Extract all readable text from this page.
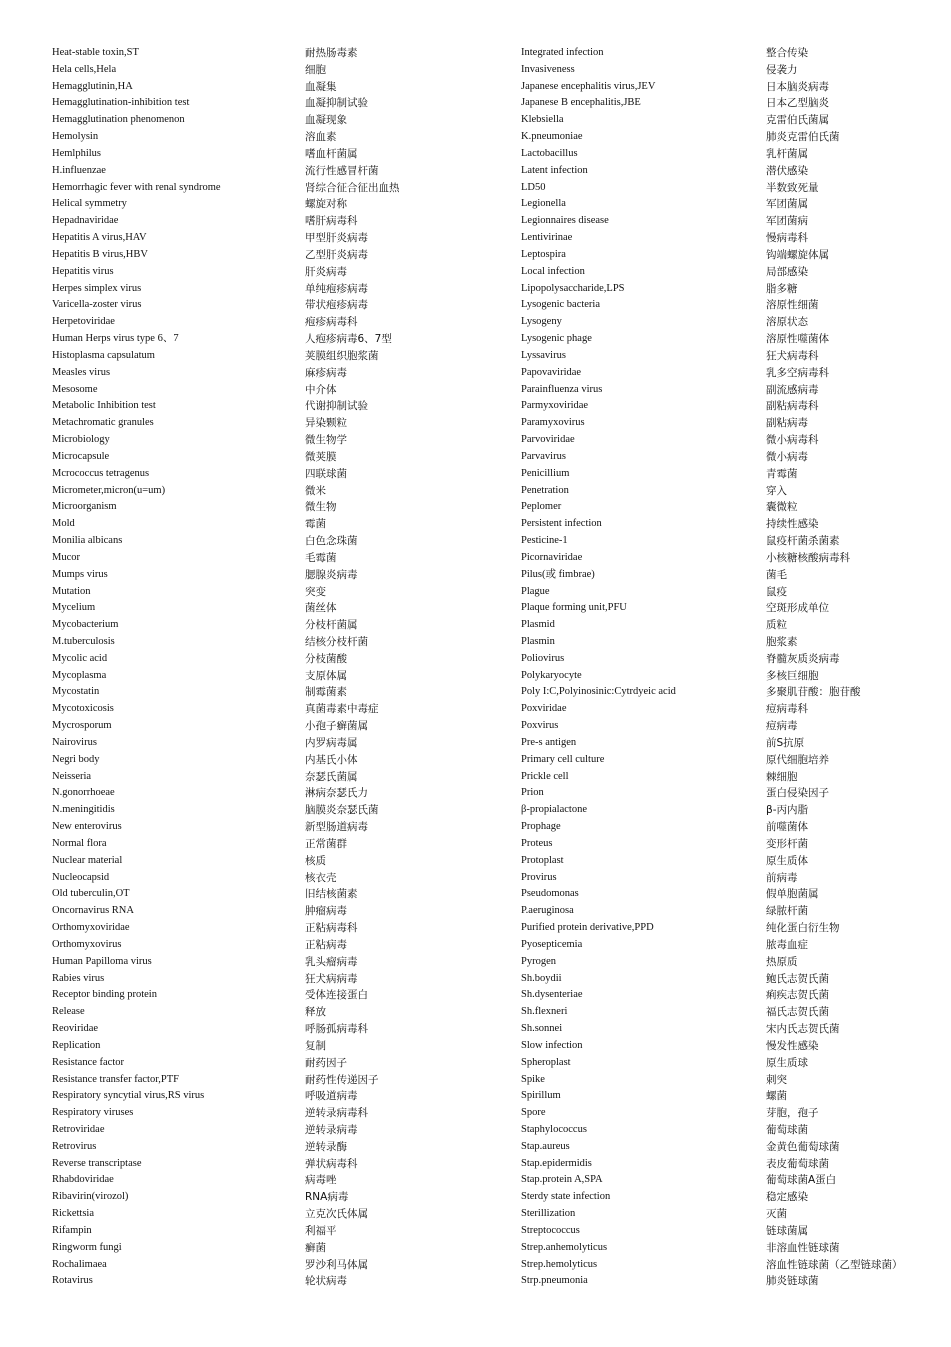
Heat-stable toxin,ST	耐热肠毒素
Hela cells,Hela	细胞
Hemagglutinin,HA	血凝集
Hemagglutination-inhibition test	血凝抑制试验
Hemagglutination phenomenon	血凝现象
Hemolysin	溶血素
Hemlphilus	嗜血杆菌属
H.influenzae	流行性感冒杆菌
Hemorrhagic fever with renal syndrome	肾综合征合征出血热
Helical symmetry	螺旋对称
Hepadnaviridae	嗜肝病毒科
Hepatitis A virus,HAV	甲型肝炎病毒
Hepatitis B virus,HBV	乙型肝炎病毒
Hepatitis virus	肝炎病毒
Herpes simplex virus	单纯疱疹病毒
Varicella-zoster virus	带状疱疹病毒
Herpetoviridae	疱疹病毒科
Human Herps virus type 6、7	人疱疹病毒6、7型
Histoplasma capsulatum	荚膜组织胞浆菌
Measles virus	麻疹病毒
Mesosome	中介体
Metabolic Inhibition test	代谢抑制试验
Metachromatic granules	异染颗粒
Microbiology	微生物学
Microcapsule	微荚膜
Mcrococcus tetragenus	四联球菌
Micrometer,micron(u=um)	微米
Microorganism	微生物
Mold	霉菌
Monilia albicans	白色念珠菌
Mucor	毛霉菌
Mumps virus	腮腺炎病毒
Mutation	突变
Mycelium	菌丝体
Mycobacterium	分枝杆菌属
M.tuberculosis	结核分枝杆菌
Mycolic acid	分枝菌酸
Mycoplasma	支原体属
Mycostatin	制霉菌素
Mycotoxicosis	真菌毒素中毒症
Mycrosporum	小孢子癣菌属
Nairovirus	内罗病毒属
Negri body	内基氏小体
Neisseria	奈瑟氏菌属
N.gonorrhoeae	淋病奈瑟氏力
N.meningitidis	脑膜炎奈瑟氏菌
New enterovirus	新型肠道病毒
Normal flora	正常菌群
Nuclear material	核质
Nucleocapsid	核衣壳
Old tuberculin,OT	旧结核菌素
Oncornavirus RNA	肿瘤病毒
Orthomyxoviridae	正粘病毒科
Orthomyxovirus	正粘病毒
Human Papilloma virus	乳头瘤病毒
Rabies virus	狂犬病病毒
Receptor binding protein	受体连接蛋白
Release	释放
Reoviridae	呼肠孤病毒科
Replication	复制
Resistance factor	耐药因子
Resistance transfer factor,PTF	耐药性传递因子
Respiratory syncytial virus,RS virus	呼吸道病毒
Respiratory viruses	逆转录病毒科
Retroviridae	逆转录病毒
Retrovirus	逆转录酶
Reverse transcriptase	弹状病毒科
Rhabdoviridae	病毒唑
Ribavirin(virozol)	RNA病毒
Rickettsia	立克次氏体属
Rifampin	利福平
Ringworm fungi	癣菌
Rochalimaea	罗沙利马体属
Rotavirus	轮状病毒
Integrated infection	整合传染
Invasiveness	侵袭力
Japanese encephalitis virus,JEV	日本脑炎病毒
Japanese B encephalitis,JBE	日本乙型脑炎
Klebsiella	克雷伯氏菌属
K.pneumoniae	肺炎克雷伯氏菌
Lactobacillus	乳杆菌属
Latent infection	潜伏感染
LD50	半数致死量
Legionella	军团菌属
Legionnaires disease	军团菌病
Lentivirinae	慢病毒科
Leptospira	钩端螺旋体属
Local infection	局部感染
Lipopolysaccharide,LPS	脂多糖
Lysogenic bacteria	溶原性细菌
Lysogeny	溶原状态
Lysogenic phage	溶原性噬菌体
Lyssavirus	狂犬病毒科
Papovaviridae	乳多空病毒科
Parainfluenza virus	副流感病毒
Parmyxoviridae	副粘病毒科
Paramyxovirus	副粘病毒
Parvoviridae	微小病毒科
Parvavirus	微小病毒
Penicillium	青霉菌
Penetration	穿入
Peplomer	囊微粒
Persistent infection	持续性感染
Pesticine-1	鼠疫杆菌杀菌素
Picornaviridae	小核糖核酸病毒科
Pilus(或 fimbrae)	菌毛
Plague	鼠疫
Plaque forming unit,PFU	空斑形成单位
Plasmid	质粒
Plasmin	胞浆素
Poliovirus	脊髓灰质炎病毒
Polykaryocyte	多核巨细胞
Poly I:C,Polyinosinic:Cytrdyeic acid	多聚肌苷酸：胞苷酸
Poxviridae	痘病毒科
Poxvirus	痘病毒
Pre-s antigen	前S抗原
Primary cell culture	原代细胞培养
Prickle cell	棘细胞
Prion	蛋白侵染因子
β-propialactone	β-丙内脂
Prophage	前噬菌体
Proteus	变形杆菌
Protoplast	原生质体
Provirus	前病毒
Pseudomonas	假单胞菌属
P.aeruginosa	绿脓杆菌
Purified protein derivative,PPD	纯化蛋白衍生物
Pyosepticemia	脓毒血症
Pyrogen	热原质
Sh.boydii	鲍氏志贺氏菌
Sh.dysenteriae	痢疾志贺氏菌
Sh.flexneri	福氏志贺氏菌
Sh.sonnei	宋内氏志贺氏菌
Slow infection	慢发性感染
Spheroplast	原生质球
Spike	刺突
Spirillum	螺菌
Spore	芽胞，孢子
Staphylococcus	葡萄球菌
Stap.aureus	金黄色葡萄球菌
Stap.epidermidis	表皮葡萄球菌
Stap.protein A,SPA	葡萄球菌A蛋白
Sterdy state infection	稳定感染
Sterillization	灭菌
Streptococcus	链球菌属
Strep.anhemolyticus	非溶血性链球菌
Strep.hemolyticus	溶血性链球菌（乙型链球菌）
Strp.pneumonia	肺炎链球菌
